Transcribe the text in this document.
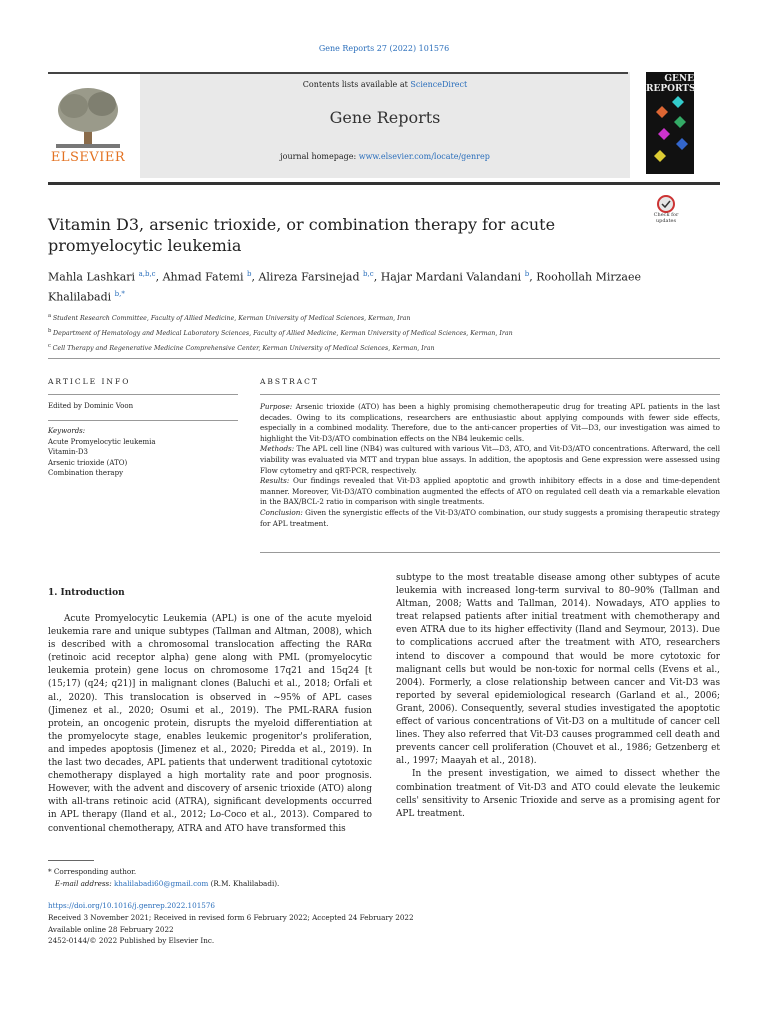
Gene Reports 27 (2022) 101576
ELSEVIER
Contents lists available at ScienceDirect
Gene Reports
journal homepage: www.elsevier.com/locate/genrep
GENE REPORTS
Check for updates
Vitamin D3, arsenic trioxide, or combination therapy for acute promyelocytic leukemia
Mahla Lashkari $^{a,b,c}$, Ahmad Fatemi $^b$, Alireza Farsinejad $^{b,c}$, Hajar Mardani Valandani $^b$, Roohollah Mirzaee Khalilabadi $^{b,*}$
$^a$ Student Research Committee, Faculty of Allied Medicine, Kerman University of Medical Sciences, Kerman, Iran
$^b$ Department of Hematology and Medical Laboratory Sciences, Faculty of Allied Medicine, Kerman University of Medical Sciences, Kerman, Iran
$^c$ Cell Therapy and Regenerative Medicine Comprehensive Center, Kerman University of Medical Sciences, Kerman, Iran
ARTICLE INFO
Edited by Dominic Voon
Keywords:
Acute Promyelocytic leukemia
Vitamin-D3
Arsenic trioxide (ATO)
Combination therapy
ABSTRACT

Purpose: Arsenic trioxide (ATO) has been a highly promising chemotherapeutic drug for treating APL patients in the last decades. Owing to its complications, researchers are enthusiastic about applying compounds with fewer side effects, especially in a combined modality. Therefore, due to the anti-cancer properties of Vit—D3, our investigation was aimed to highlight the Vit-D3/ATO combination effects on the NB4 leukemic cells.

Methods: The APL cell line (NB4) was cultured with various Vit—D3, ATO, and Vit-D3/ATO concentrations. Afterward, the cell viability was evaluated via MTT and trypan blue assays. In addition, the apoptosis and Gene expression were assessed using Flow cytometry and qRT-PCR, respectively.

Results: Our findings revealed that Vit-D3 applied apoptotic and growth inhibitory effects in a dose and time-dependent manner. Moreover, Vit-D3/ATO combination augmented the effects of ATO on regulated cell death via a remarkable elevation in the BAX/BCL-2 ratio in comparison with single treatments.

Conclusion: Given the synergistic effects of the Vit-D3/ATO combination, our study suggests a promising therapeutic strategy for APL treatment.

1. Introduction

Acute Promyelocytic Leukemia (APL) is one of the acute myeloid leukemia rare and unique subtypes (Tallman and Altman, 2008), which is described with a chromosomal translocation affecting the RARα (retinoic acid receptor alpha) gene along with PML (promyelocytic leukemia protein) gene locus on chromosome 17q21 and 15q24 [t (15;17) (q24; q21)] in malignant clones (Baluchi et al., 2018; Orfali et al., 2020). This translocation is observed in ~95% of APL cases (Jimenez et al., 2020; Osumi et al., 2019). The PML-RARA fusion protein, an oncogenic protein, disrupts the myeloid differentiation at the promyelocyte stage, enables leukemic progenitor's proliferation, and impedes apoptosis (Jimenez et al., 2020; Piredda et al., 2019). In the last two decades, APL patients that underwent traditional cytotoxic chemotherapy displayed a high mortality rate and poor prognosis. However, with the advent and discovery of arsenic trioxide (ATO) along with all-trans retinoic acid (ATRA), significant developments occurred in APL therapy (Iland et al., 2012; Lo-Coco et al., 2013). Compared to conventional chemotherapy, ATRA and ATO have transformed this

subtype to the most treatable disease among other subtypes of acute leukemia with increased long-term survival to 80–90% (Tallman and Altman, 2008; Watts and Tallman, 2014). Nowadays, ATO applies to treat relapsed patients after initial treatment with chemotherapy and even ATRA due to its higher effectivity (Iland and Seymour, 2013). Due to complications accrued after the treatment with ATO, researchers intend to discover a compound that would be more cytotoxic for malignant cells but would be non-toxic for normal cells (Evens et al., 2004). Formerly, a close relationship between cancer and Vit-D3 was reported by several epidemiological research (Garland et al., 2006; Grant, 2006). Consequently, several studies investigated the apoptotic effect of various concentrations of Vit-D3 on a multitude of cancer cell lines. They also referred that Vit-D3 causes programmed cell death and prevents cancer cell proliferation (Chouvet et al., 1986; Getzenberg et al., 1997; Maayah et al., 2018).

In the present investigation, we aimed to dissect whether the combination treatment of Vit-D3 and ATO could elevate the leukemic cells' sensitivity to Arsenic Trioxide and serve as a promising agent for APL treatment.

* Corresponding author.
E-mail address: khalilabadi60@gmail.com (R.M. Khalilabadi).
https://doi.org/10.1016/j.genrep.2022.101576
Received 3 November 2021; Received in revised form 6 February 2022; Accepted 24 February 2022
Available online 28 February 2022
2452-0144/© 2022 Published by Elsevier Inc.
